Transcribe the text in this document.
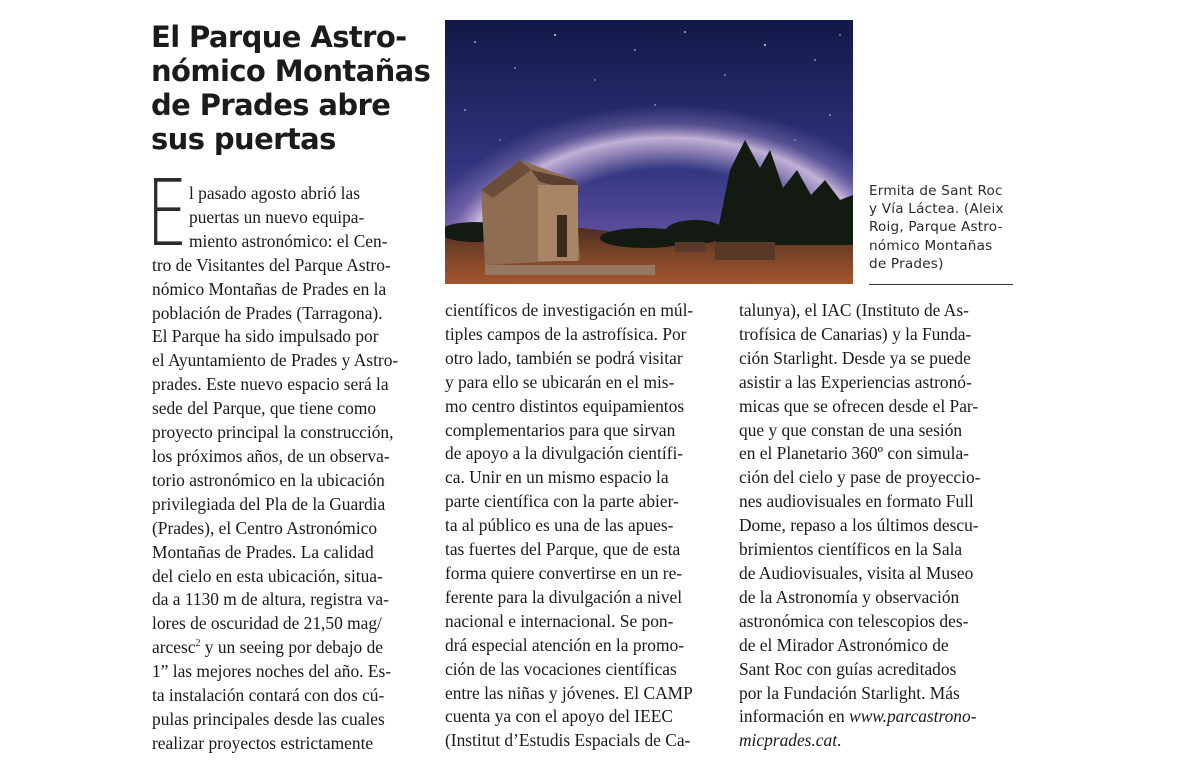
El Parque Astro-
nómico Montañas
de Prades abre
sus puertas
Ermita de Sant Roc
y Vía Láctea. (Aleix
Roig, Parque Astro-
nómico Montañas
de Prades)
E l pasado agosto abrió las
puertas un nuevo equipa-
miento astronómico: el Cen-
tro de Visitantes del Parque Astro-
nómico Montañas de Prades en la
población de Prades (Tarragona).
El Parque ha sido impulsado por
el Ayuntamiento de Prades y Astro-
prades. Este nuevo espacio será la
sede del Parque, que tiene como
proyecto principal la construcción,
los próximos años, de un observa-
torio astronómico en la ubicación
privilegiada del Pla de la Guardia
(Prades), el Centro Astronómico
Montañas de Prades. La calidad
del cielo en esta ubicación, situa-
da a 1130 m de altura, registra va-
lores de oscuridad de 21,50 mag/
arcesc$^2$ y un seeing por debajo de
1” las mejores noches del año. Es-
ta instalación contará con dos cú-
pulas principales desde las cuales
realizar proyectos estrictamente
científicos de investigación en múl-
tiples campos de la astrofísica. Por
otro lado, también se podrá visitar
y para ello se ubicarán en el mis-
mo centro distintos equipamientos
complementarios para que sirvan
de apoyo a la divulgación científi-
ca. Unir en un mismo espacio la
parte científica con la parte abier-
ta al público es una de las apues-
tas fuertes del Parque, que de esta
forma quiere convertirse en un re-
ferente para la divulgación a nivel
nacional e internacional. Se pon-
drá especial atención en la promo-
ción de las vocaciones científicas
entre las niñas y jóvenes. El CAMP
cuenta ya con el apoyo del IEEC
(Institut d’Estudis Espacials de Ca-
talunya), el IAC (Instituto de As-
trofísica de Canarias) y la Funda-
ción Starlight. Desde ya se puede
asistir a las Experiencias astronó-
micas que se ofrecen desde el Par-
que y que constan de una sesión
en el Planetario 360º con simula-
ción del cielo y pase de proyeccio-
nes audiovisuales en formato Full
Dome, repaso a los últimos descu-
brimientos científicos en la Sala
de Audiovisuales, visita al Museo
de la Astronomía y observación
astronómica con telescopios des-
de el Mirador Astronómico de
Sant Roc con guías acreditados
por la Fundación Starlight. Más
información en www.parcastrono-
micprades.cat.
